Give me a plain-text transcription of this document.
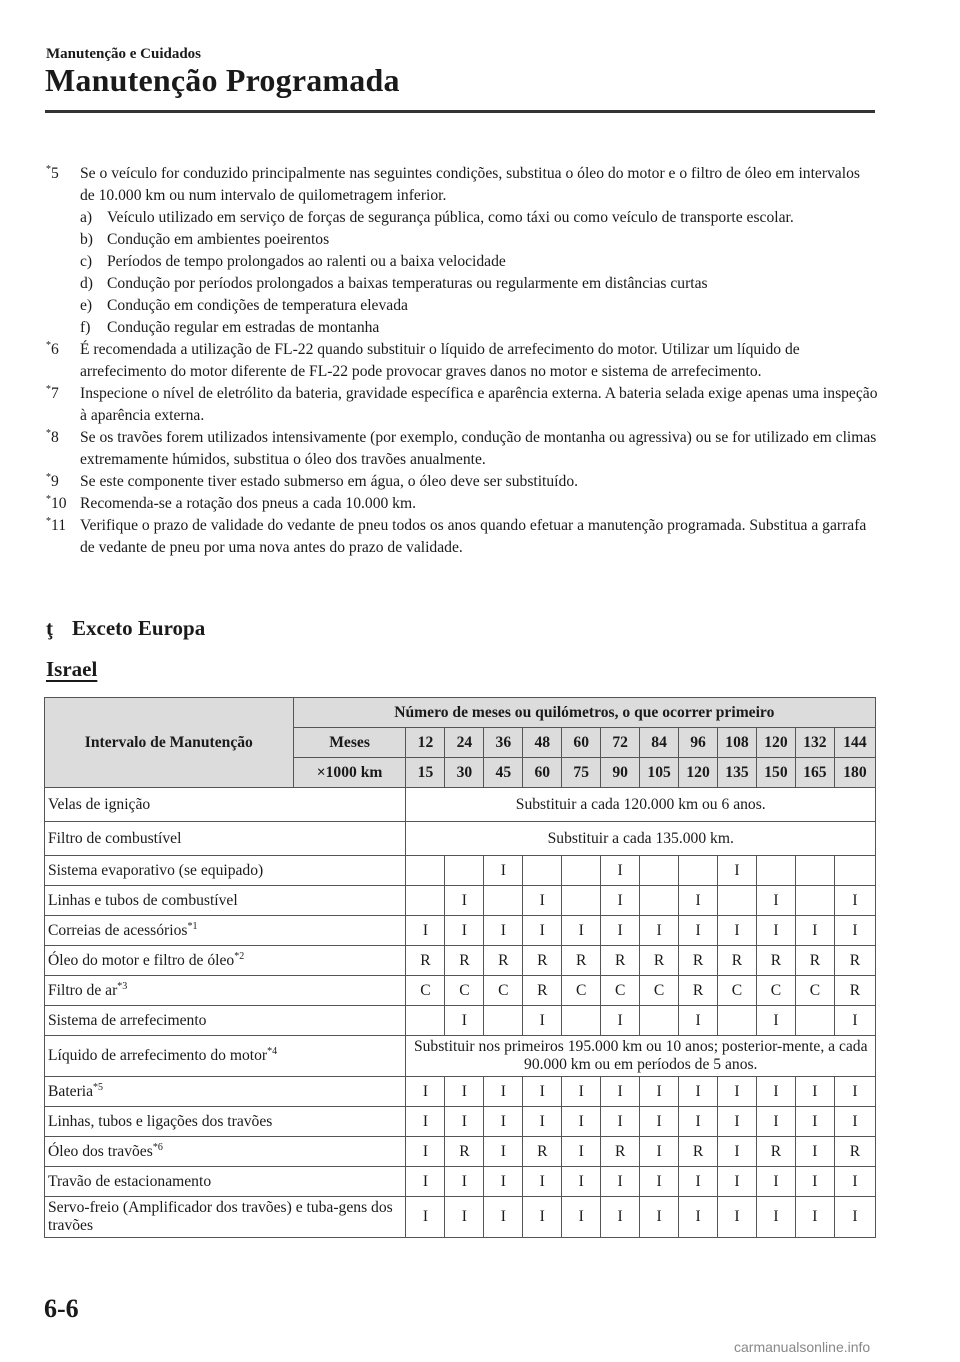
Manutenção e Cuidados
Manutenção Programada
*5 Se o veículo for conduzido principalmente nas seguintes condições, substitua o óleo do motor e o filtro de óleo em intervalos de 10.000 km ou num intervalo de quilometragem inferior.
a) Veículo utilizado em serviço de forças de segurança pública, como táxi ou como veículo de transporte escolar.
b) Condução em ambientes poeirentos
c) Períodos de tempo prolongados ao ralenti ou a baixa velocidade
d) Condução por períodos prolongados a baixas temperaturas ou regularmente em distâncias curtas
e) Condução em condições de temperatura elevada
f) Condução regular em estradas de montanha
*6 É recomendada a utilização de FL-22 quando substituir o líquido de arrefecimento do motor. Utilizar um líquido de arrefecimento do motor diferente de FL-22 pode provocar graves danos no motor e sistema de arrefecimento.
*7 Inspecione o nível de eletrólito da bateria, gravidade específica e aparência externa. A bateria selada exige apenas uma inspeção à aparência externa.
*8 Se os travões forem utilizados intensivamente (por exemplo, condução de montanha ou agressiva) ou se for utilizado em climas extremamente húmidos, substitua o óleo dos travões anualmente.
*9 Se este componente tiver estado submerso em água, o óleo deve ser substituído.
*10 Recomenda-se a rotação dos pneus a cada 10.000 km.
*11 Verifique o prazo de validade do vedante de pneu todos os anos quando efetuar a manutenção programada. Substitua a garrafa de vedante de pneu por uma nova antes do prazo de validade.
ţ Exceto Europa
Israel
Intervalo de Manutenção	Número de meses ou quilómetros, o que ocorrer primeiro												
	Meses	12	24	36	48	60	72	84	96	108	120	132	144
	×1000 km	15	30	45	60	75	90	105	120	135	150	165	180
Velas de ignição		Substituir a cada 120.000 km ou 6 anos.											
Filtro de combustível		Substituir a cada 135.000 km.											
Sistema evaporativo (se equipado)				I			I			I			
Linhas e tubos de combustível			I		I		I		I		I		I
Correias de acessórios$^{*1}$		I	I	I	I	I	I	I	I	I	I	I	I
Óleo do motor e filtro de óleo$^{*2}$		R	R	R	R	R	R	R	R	R	R	R	R
Filtro de $ar^{*3}$		C	C	C	R	C	C	C	R	C	C	C	R
Sistema de arrefecimento			I		I		I		I		I		I
Líquido de arrefecimento do motor$^{*4}$		Substituir nos primeiros 195.000 km ou 10 anos; posterior-mente, a cada 90.000 km ou em períodos de 5 anos.											
Bateria$^{*5}$		I	I	I	I	I	I	I	I	I	I	I	I
Linhas, tubos e ligações dos travões		I	I	I	I	I	I	I	I	I	I	I	I
Óleo dos travões$^{*6}$		I	R	I	R	I	R	I	R	I	R	I	R
Travão de estacionamento		I	I	I	I	I	I	I	I	I	I	I	I
Servo-freio (Amplificador dos travões) e tuba-gens dos travões		I	I	I	I	I	I	I	I	I	I	I	I
6-6
carmanualsonline.info
